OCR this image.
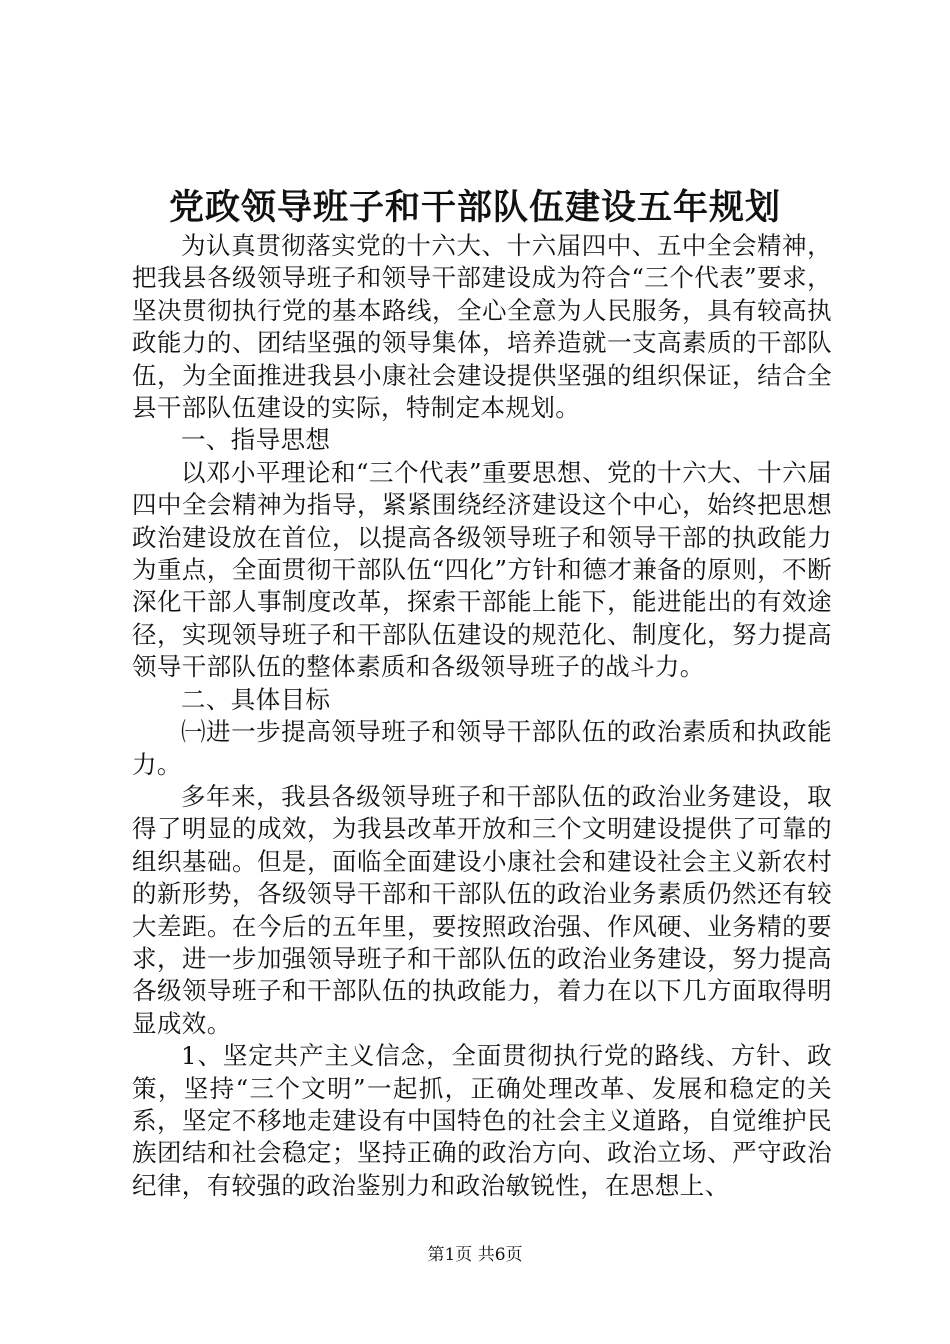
党政领导班子和干部队伍建设五年规划

为认真贯彻落实党的十六大、十六届四中、五中全会精神，把我县各级领导班子和领导干部建设成为符合“三个代表”要求，坚决贯彻执行党的基本路线，全心全意为人民服务，具有较高执政能力的、团结坚强的领导集体，培养造就一支高素质的干部队伍，为全面推进我县小康社会建设提供坚强的组织保证，结合全县干部队伍建设的实际，特制定本规划。

一、指导思想

以邓小平理论和“三个代表”重要思想、党的十六大、十六届四中全会精神为指导，紧紧围绕经济建设这个中心，始终把思想政治建设放在首位，以提高各级领导班子和领导干部的执政能力为重点，全面贯彻干部队伍“四化”方针和德才兼备的原则，不断深化干部人事制度改革，探索干部能上能下，能进能出的有效途径，实现领导班子和干部队伍建设的规范化、制度化，努力提高领导干部队伍的整体素质和各级领导班子的战斗力。

二、具体目标

㈠进一步提高领导班子和领导干部队伍的政治素质和执政能力。

多年来，我县各级领导班子和干部队伍的政治业务建设，取得了明显的成效，为我县改革开放和三个文明建设提供了可靠的组织基础。但是，面临全面建设小康社会和建设社会主义新农村的新形势，各级领导干部和干部队伍的政治业务素质仍然还有较大差距。在今后的五年里，要按照政治强、作风硬、业务精的要求，进一步加强领导班子和干部队伍的政治业务建设，努力提高各级领导班子和干部队伍的执政能力，着力在以下几方面取得明显成效。

1、坚定共产主义信念，全面贯彻执行党的路线、方针、政策，坚持“三个文明”一起抓，正确处理改革、发展和稳定的关系，坚定不移地走建设有中国特色的社会主义道路，自觉维护民族团结和社会稳定；坚持正确的政治方向、政治立场、严守政治纪律，有较强的政治鉴别力和政治敏锐性，在思想上、

第1页 共6页
